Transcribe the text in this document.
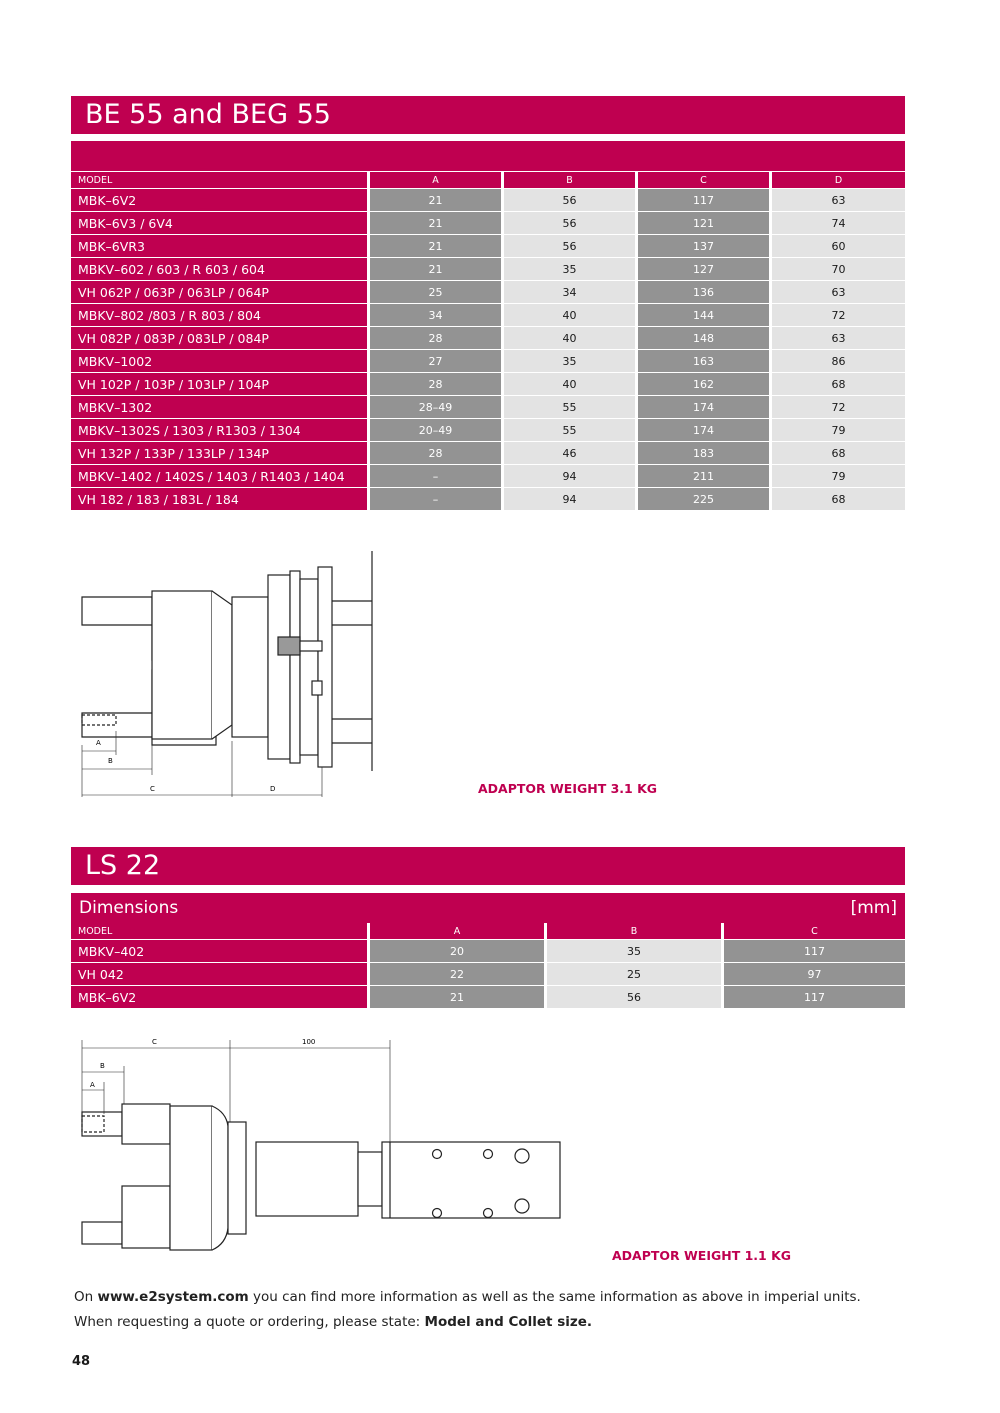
BE 55 and BEG 55
MODEL	A	B	C	D
MBK–6V2	21	56	117	63
MBK–6V3 / 6V4	21	56	121	74
MBK–6VR3	21	56	137	60
MBKV–602 / 603 / R 603 / 604	21	35	127	70
VH 062P / 063P / 063LP / 064P	25	34	136	63
MBKV–802 /803 / R 803 / 804	34	40	144	72
VH 082P / 083P / 083LP / 084P	28	40	148	63
MBKV–1002	27	35	163	86
VH 102P / 103P / 103LP / 104P	28	40	162	68
MBKV–1302	28–49	55	174	72
MBKV–1302S / 1303 / R1303 / 1304	20–49	55	174	79
VH 132P / 133P / 133LP / 134P	28	46	183	68
MBKV–1402 / 1402S / 1403 / R1403 / 1404	–	94	211	79
VH 182 / 183 / 183L / 184	–	94	225	68
A
B
C	D	ADAPTOR WEIGHT 3.1 KG
LS 22
Dimensions	[mm]
MODEL	A	B	C
MBKV–402	20	35	117
VH 042	22	25	97
MBK–6V2	21	56	117
C	100
B
A
ADAPTOR WEIGHT 1.1 KG
On www.e2system.com you can find more information as well as the same information as above in imperial units.
When requesting a quote or ordering, please state: Model and Collet size.
48
